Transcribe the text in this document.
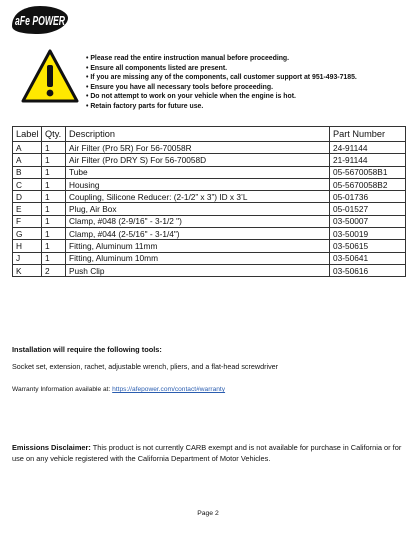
aFe POWER
• Please read the entire instruction manual before proceeding.
• Ensure all components listed are present.
• If you are missing any of the components, call customer support at 951-493-7185.
• Ensure you have all necessary tools before proceeding.
• Do not attempt to work on your vehicle when the engine is hot.
• Retain factory parts for future use.
Label	Qty.	Description	Part Number
A	1	Air Filter (Pro 5R) For 56-70058R	24-91144
A	1	Air Filter (Pro DRY S) For 56-70058D	21-91144
B	1	Tube	05-5670058B1
C	1	Housing	05-5670058B2
D	1	Coupling, Silicone Reducer: (2-1/2” x 3”) ID x 3’L	05-01736
E	1	Plug, Air Box	05-01527
F	1	Clamp, #048 (2-9/16" - 3-1/2 ")	03-50007
G	1	Clamp, #044 (2-5/16" - 3-1/4")	03-50019
H	1	Fitting, Aluminum 11mm	03-50615
J	1	Fitting, Aluminum 10mm	03-50641
K	2	Push Clip	03-50616

Installation will require the following tools:

Socket set, extension, rachet, adjustable wrench, pliers, and a flat-head screwdriver

Warranty Information available at: https://afepower.com/contact#warranty

Emissions Disclaimer: This product is not currently CARB exempt and is not available for purchase in California or for use on any vehicle registered with the California Department of Motor Vehicles.

Page 2
